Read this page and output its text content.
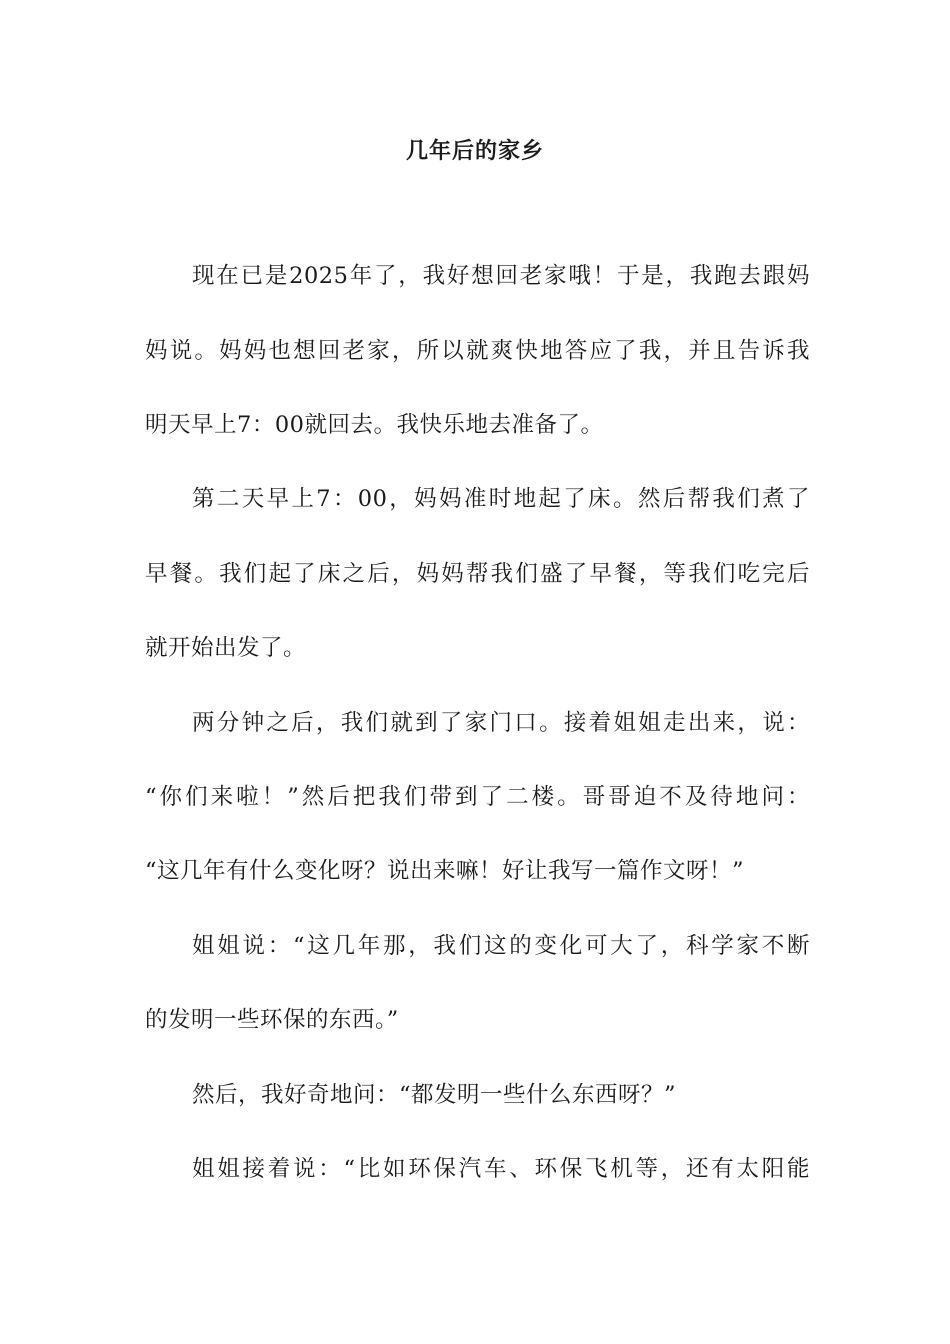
几年后的家乡
现在已是2025年了，我好想回老家哦！于是，我跑去跟妈
妈说。妈妈也想回老家，所以就爽快地答应了我，并且告诉我
明天早上7：00就回去。我快乐地去准备了。
第二天早上7：00，妈妈准时地起了床。然后帮我们煮了
早餐。我们起了床之后，妈妈帮我们盛了早餐，等我们吃完后
就开始出发了。
两分钟之后，我们就到了家门口。接着姐姐走出来，说：
“你们来啦！”然后把我们带到了二楼。哥哥迫不及待地问：
“这几年有什么变化呀？说出来嘛！好让我写一篇作文呀！”
姐姐说：“这几年那，我们这的变化可大了，科学家不断
的发明一些环保的东西。”
然后，我好奇地问：“都发明一些什么东西呀？”
姐姐接着说：“比如环保汽车、环保飞机等，还有太阳能
